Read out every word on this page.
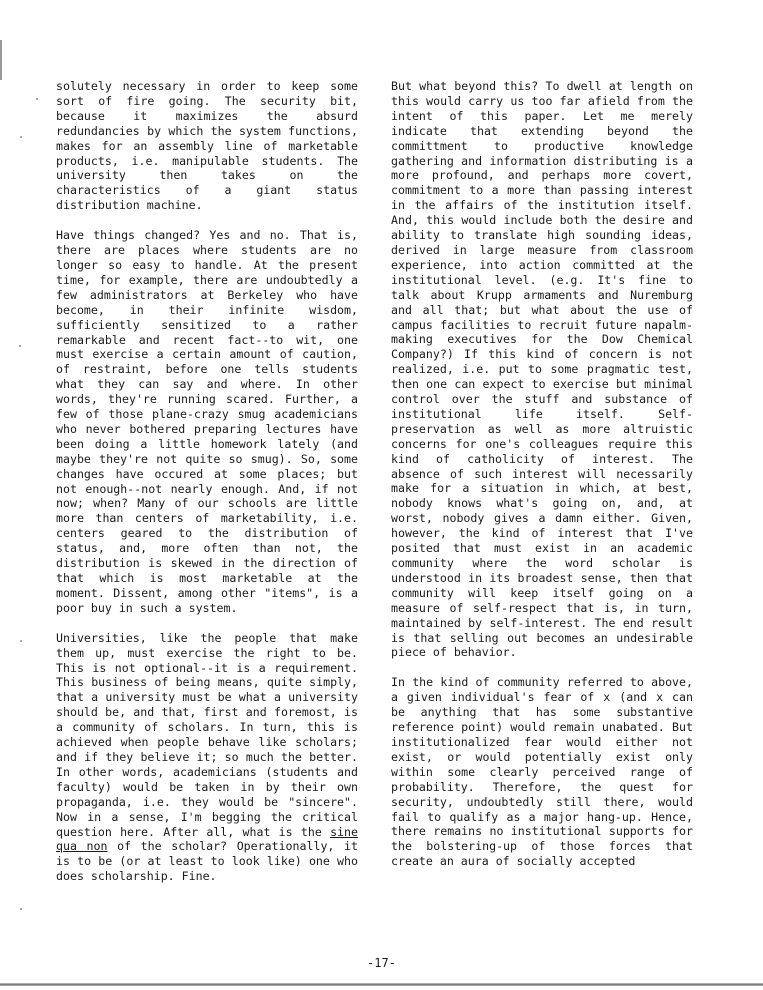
solutely necessary in order to keep some sort of fire going. The security bit, because it maximizes the absurd redundancies by which the system functions, makes for an assembly line of marketable products, i.e. manipulable students. The university then takes on the characteristics of a giant status distribution machine.

Have things changed? Yes and no. That is, there are places where students are no longer so easy to handle. At the present time, for example, there are undoubtedly a few administrators at Berkeley who have become, in their infinite wisdom, sufficiently sensitized to a rather remarkable and recent fact--to wit, one must exercise a certain amount of caution, of restraint, before one tells students what they can say and where. In other words, they're running scared. Further, a few of those plane-crazy smug academicians who never bothered preparing lectures have been doing a little homework lately (and maybe they're not quite so smug). So, some changes have occured at some places; but not enough--not nearly enough. And, if not now; when? Many of our schools are little more than centers of marketability, i.e. centers geared to the distribution of status, and, more often than not, the distribution is skewed in the direction of that which is most marketable at the moment. Dissent, among other "items", is a poor buy in such a system.

Universities, like the people that make them up, must exercise the right to be. This is not optional--it is a requirement. This business of being means, quite simply, that a university must be what a university should be, and that, first and foremost, is a community of scholars. In turn, this is achieved when people behave like scholars; and if they believe it; so much the better. In other words, academicians (students and faculty) would be taken in by their own propaganda, i.e. they would be "sincere". Now in a sense, I'm begging the critical question here. After all, what is the sine qua non of the scholar? Operationally, it is to be (or at least to look like) one who does scholarship. Fine.

But what beyond this? To dwell at length on this would carry us too far afield from the intent of this paper. Let me merely indicate that extending beyond the committment to productive knowledge gathering and information distributing is a more profound, and perhaps more covert, commitment to a more than passing interest in the affairs of the institution itself. And, this would include both the desire and ability to translate high sounding ideas, derived in large measure from classroom experience, into action committed at the institutional level. (e.g. It's fine to talk about Krupp armaments and Nuremburg and all that; but what about the use of campus facilities to recruit future napalm-making executives for the Dow Chemical Company?) If this kind of concern is not realized, i.e. put to some pragmatic test, then one can expect to exercise but minimal control over the stuff and substance of institutional life itself. Self-preservation as well as more altruistic concerns for one's colleagues require this kind of catholicity of interest. The absence of such interest will necessarily make for a situation in which, at best, nobody knows what's going on, and, at worst, nobody gives a damn either. Given, however, the kind of interest that I've posited that must exist in an academic community where the word scholar is understood in its broadest sense, then that community will keep itself going on a measure of self-respect that is, in turn, maintained by self-interest. The end result is that selling out becomes an undesirable piece of behavior.

In the kind of community referred to above, a given individual's fear of x (and x can be anything that has some substantive reference point) would remain unabated. But institutionalized fear would either not exist, or would potentially exist only within some clearly perceived range of probability. Therefore, the quest for security, undoubtedly still there, would fail to qualify as a major hang-up. Hence, there remains no institutional supports for the bolstering-up of those forces that create an aura of socially accepted

-17-
